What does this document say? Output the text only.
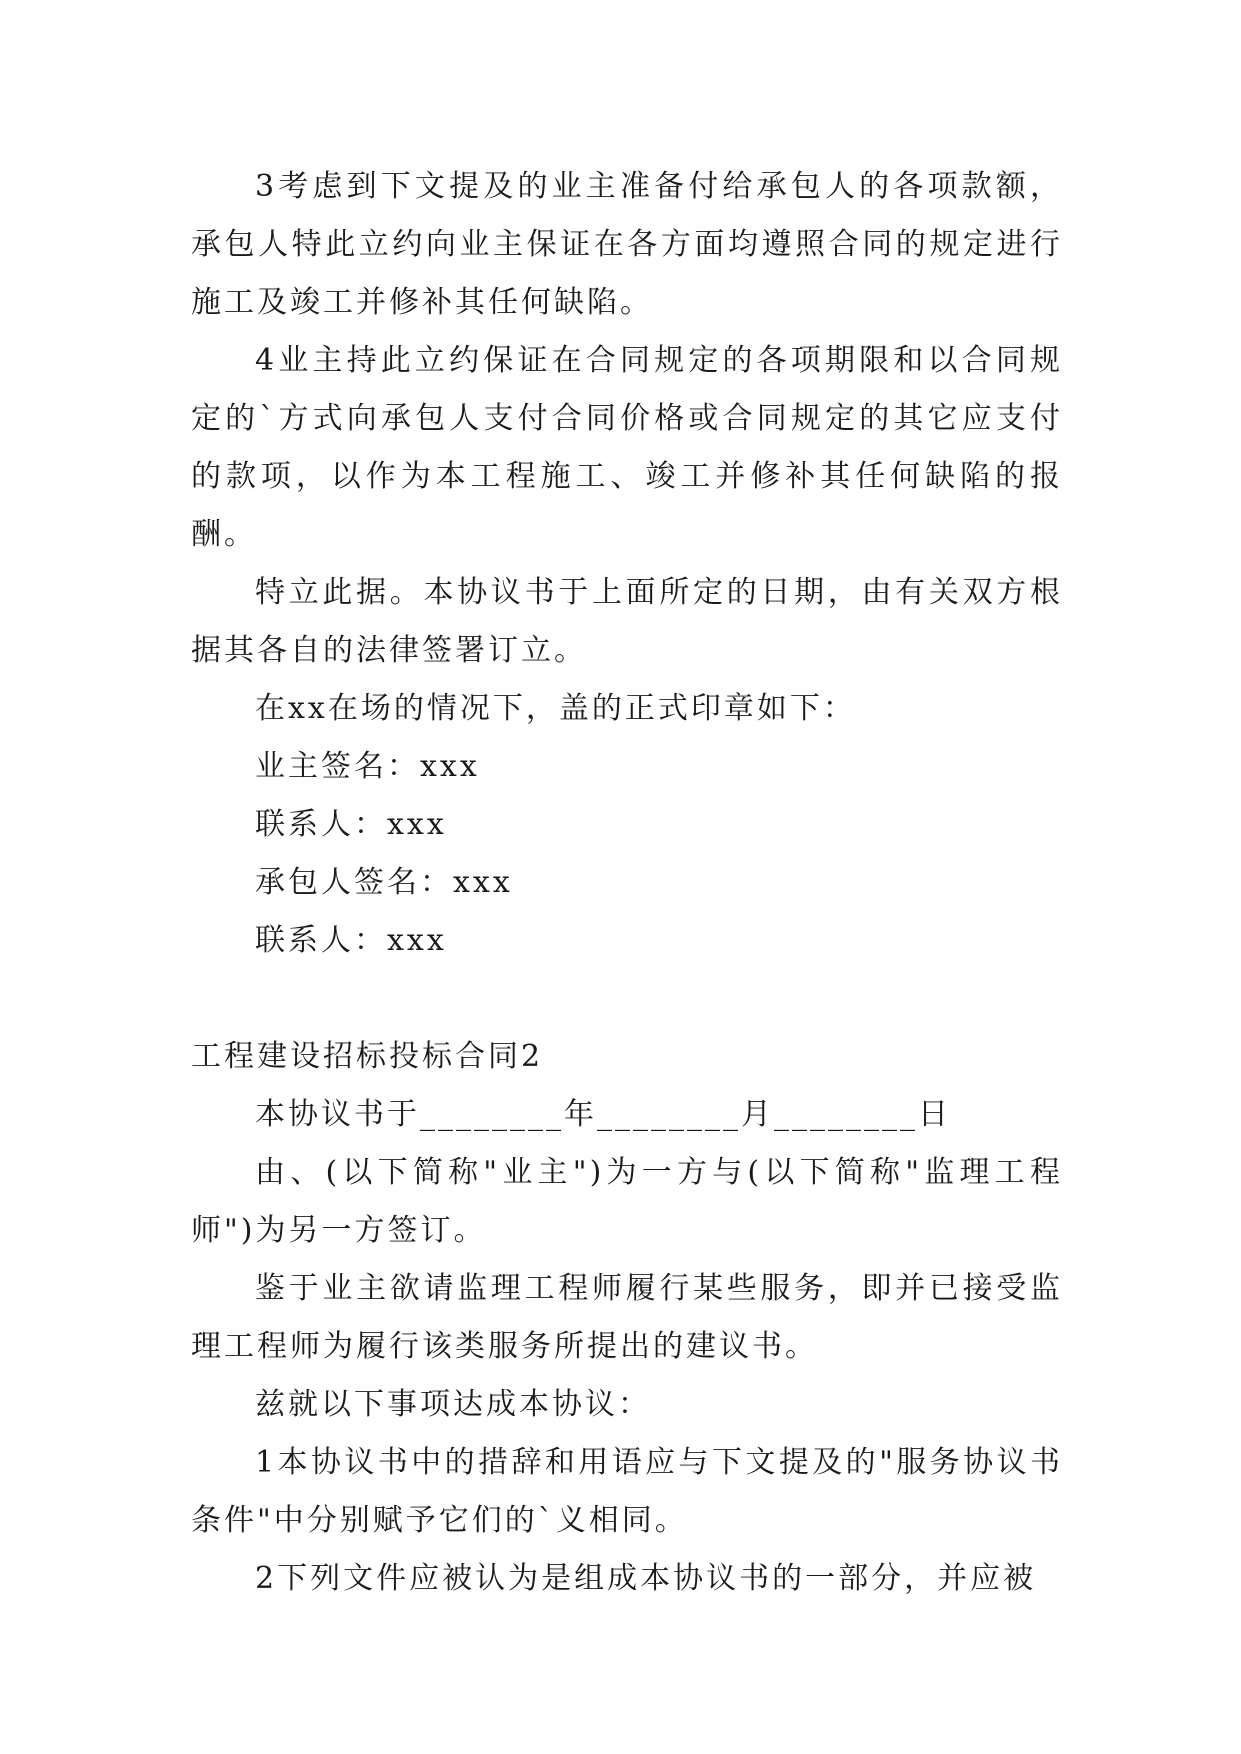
3考虑到下文提及的业主准备付给承包人的各项款额，承包人特此立约向业主保证在各方面均遵照合同的规定进行施工及竣工并修补其任何缺陷。

4业主持此立约保证在合同规定的各项期限和以合同规定的`方式向承包人支付合同价格或合同规定的其它应支付的款项，以作为本工程施工、竣工并修补其任何缺陷的报酬。

特立此据。本协议书于上面所定的日期，由有关双方根据其各自的法律签署订立。

在xx在场的情况下，盖的正式印章如下：

业主签名：xxx

联系人：xxx

承包人签名：xxx

联系人：xxx

工程建设招标投标合同2

本协议书于________年________月________日

由、(以下简称"业主")为一方与(以下简称"监理工程师")为另一方签订。

鉴于业主欲请监理工程师履行某些服务，即并已接受监理工程师为履行该类服务所提出的建议书。

兹就以下事项达成本协议：

1本协议书中的措辞和用语应与下文提及的"服务协议书条件"中分别赋予它们的`义相同。

2下列文件应被认为是组成本协议书的一部分，并应被
